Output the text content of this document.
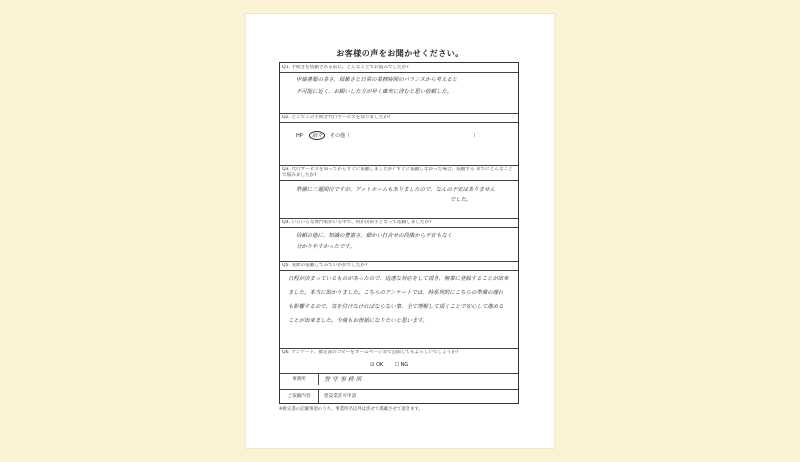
お客様の声をお聞かせください。
Q1. 手続きを依頼される前に、どんなことでお悩みでしたか?
申請書類の多さ、煩雑さと日常の業務時間のバランスから考えると
不可能に近く、お願いした方が早く確実に済むと思い依頼した。
Q2. どこでこの手続き代行サービスを知りましたか?
HP 紹介 その他（	）
Q3. 代行サービスを知ってからすぐに依頼しましたか? すぐに依頼しなかった場合、依頼する までにどんなことで悩みましたか?
準備に三週間位ですが、アットホームもありましたので、なんの不安はありません
でした。
Q4. いろいろな専門家がいる中で、何が決め手となって依頼しましたか?
信頼の他に、知識の豊富さ、細かい打合せの段階から不安もなく
分かりやすかったです。
Q5. 実際の依頼してみていかがでしたか?
日程が決まっているものがあったので、迅速な対応をして頂き、無事に登録することが出来
ました。本当に助かりました。こちらのアンケートでは、時系列的にこちらの準備の遅れ
も影響するので、気を付けなければならない事、全て理解して頂くことで安心して進める
ことが出来ました。今後もお世話になりたいと思います。
Q6. アンケート、推定書のコピーをホームページ等で公開してもよろしいでしょうか?
☑ OK ☐ NG
事務所	誉 守 事 務 所
ご依頼内容	建設業許可申請
※推定書の記載事項のうち、事業所名以外は伏せて掲載させて頂きます。
